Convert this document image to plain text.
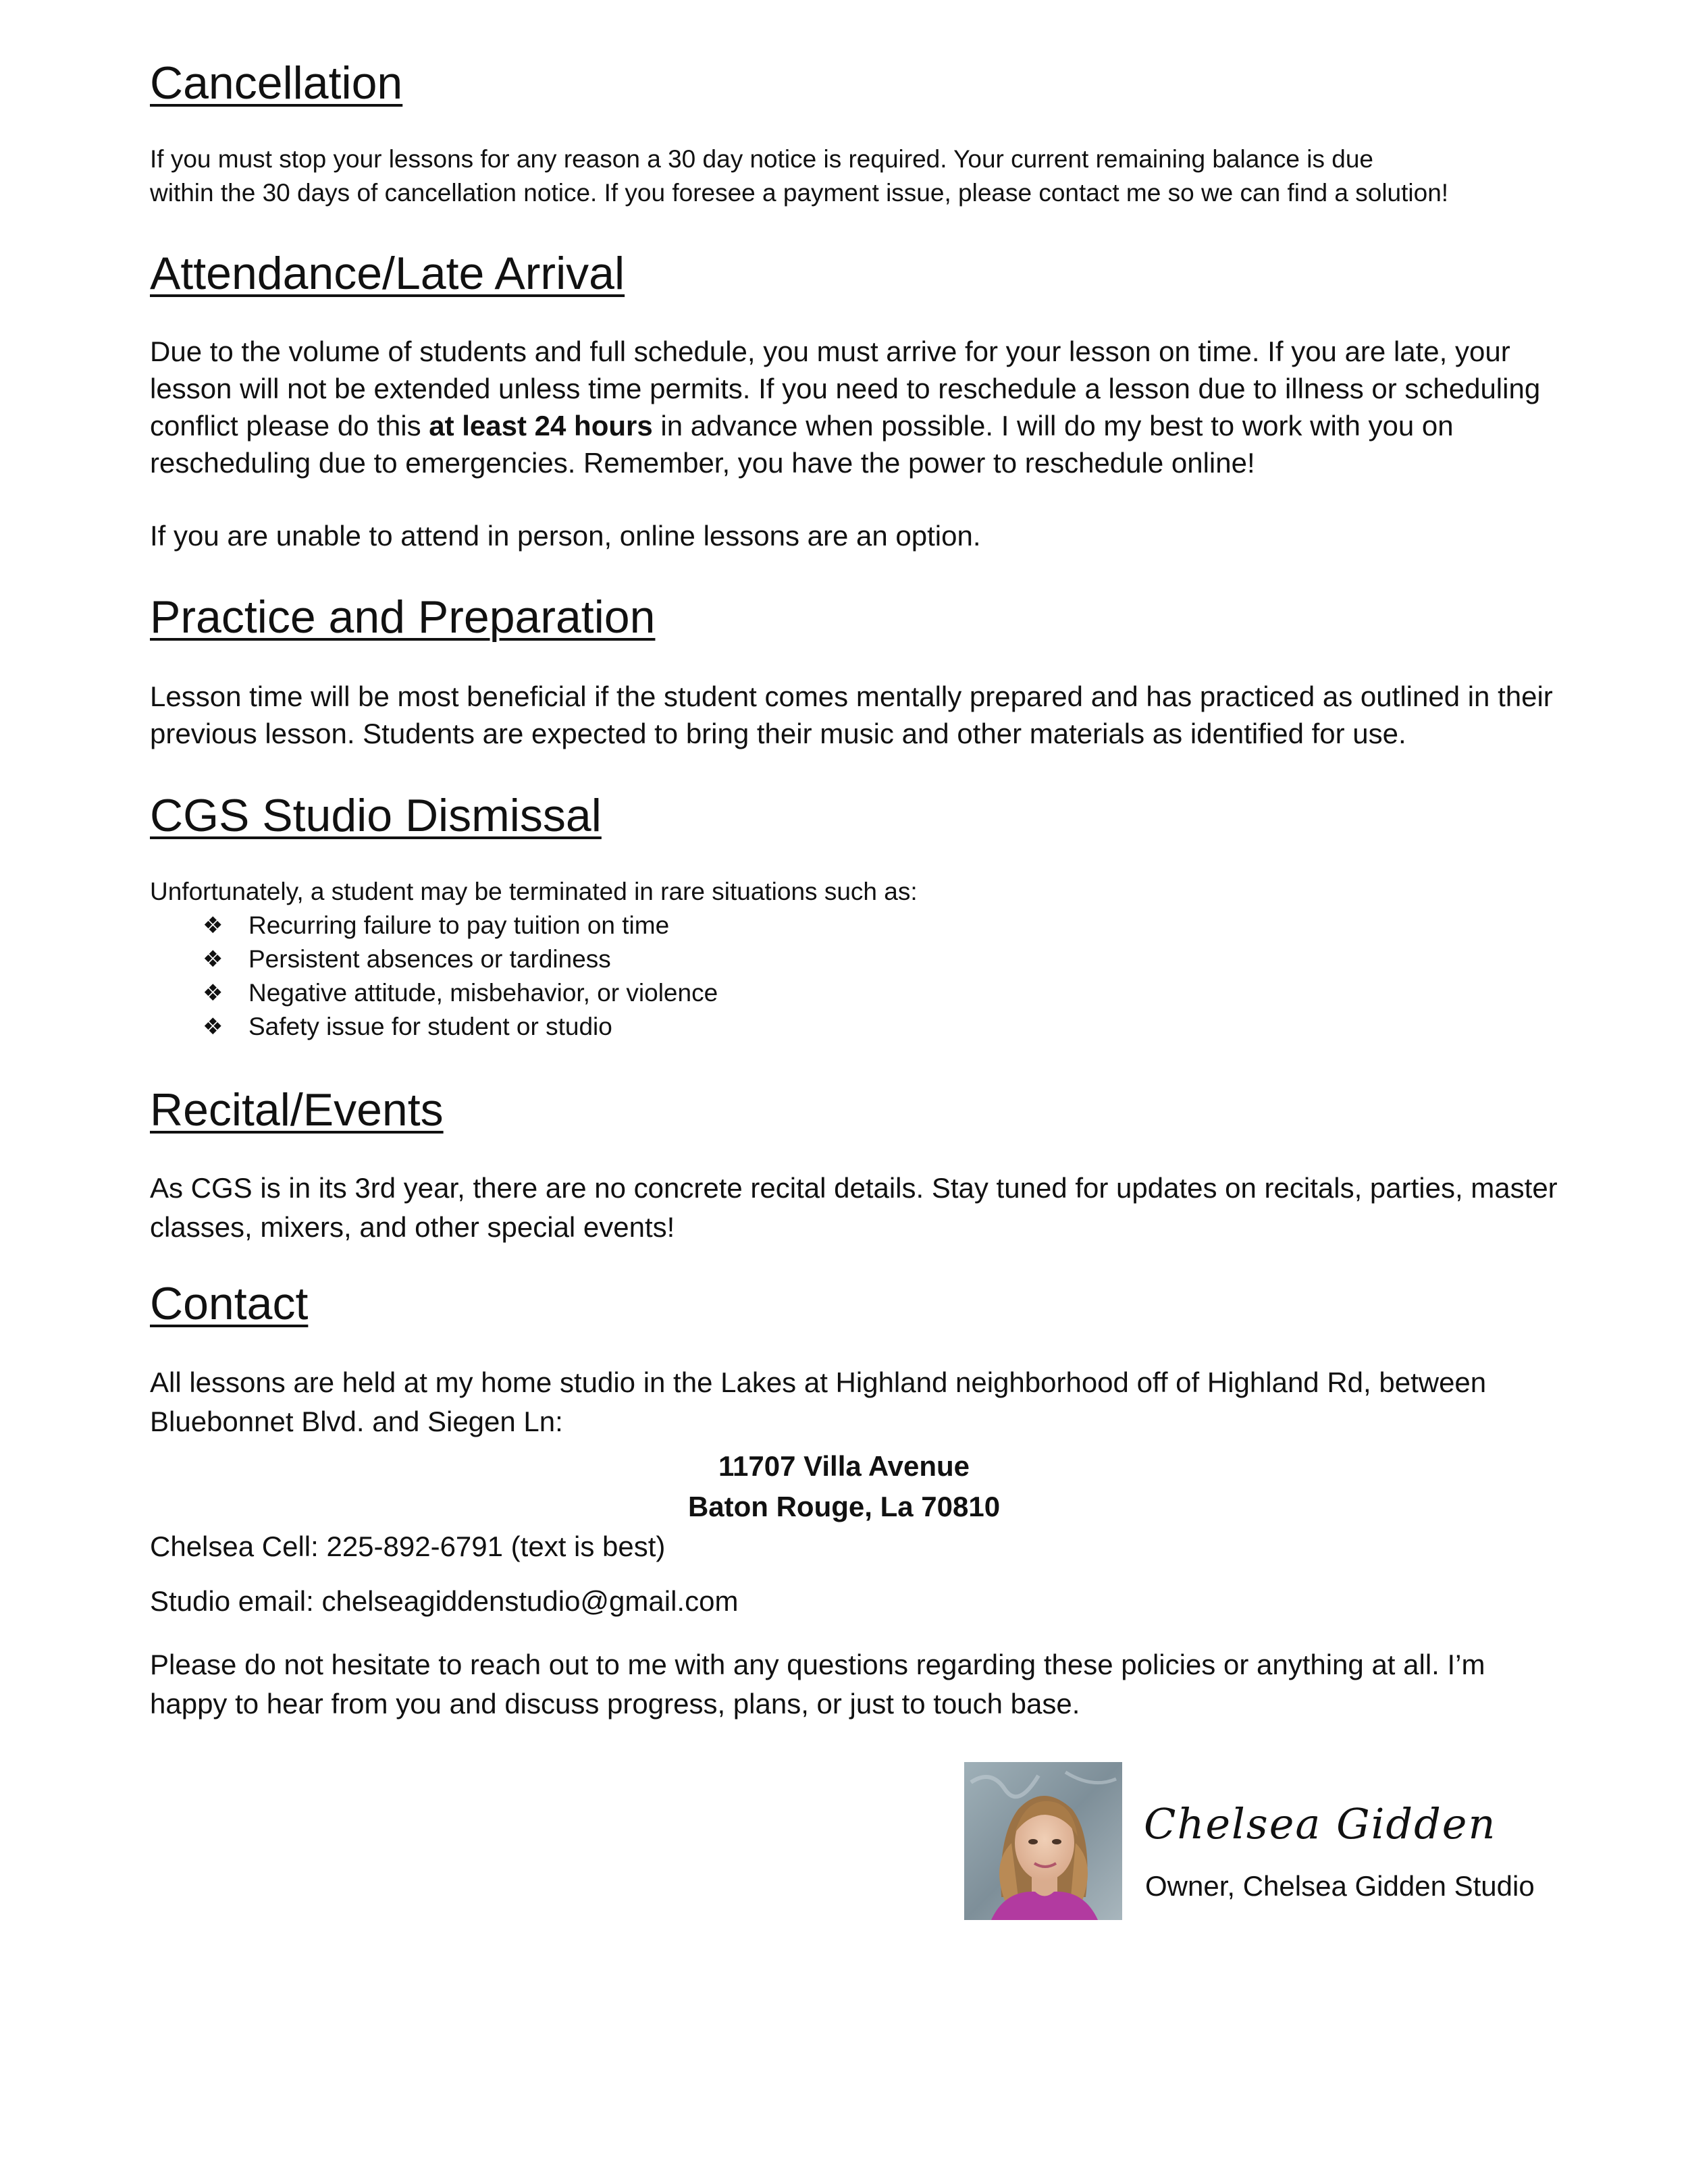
Cancellation

If you must stop your lessons for any reason a 30 day notice is required. Your current remaining balance is due

within the 30 days of cancellation notice. If you foresee a payment issue, please contact me so we can find a solution!

Attendance/Late Arrival

Due to the volume of students and full schedule, you must arrive for your lesson on time. If you are late, your

lesson will not be extended unless time permits. If you need to reschedule a lesson due to illness or scheduling

conflict please do this at least 24 hours in advance when possible. I will do my best to work with you on

rescheduling due to emergencies. Remember, you have the power to reschedule online!

If you are unable to attend in person, online lessons are an option.

Practice and Preparation

Lesson time will be most beneficial if the student comes mentally prepared and has practiced as outlined in their

previous lesson. Students are expected to bring their music and other materials as identified for use.

CGS Studio Dismissal

Unfortunately, a student may be terminated in rare situations such as:

❖ Recurring failure to pay tuition on time
❖ Persistent absences or tardiness
❖ Negative attitude, misbehavior, or violence
❖ Safety issue for student or studio
Recital/Events

As CGS is in its 3rd year, there are no concrete recital details. Stay tuned for updates on recitals, parties, master

classes, mixers, and other special events!

Contact

All lessons are held at my home studio in the Lakes at Highland neighborhood off of Highland Rd, between

Bluebonnet Blvd. and Siegen Ln:

11707 Villa Avenue

Baton Rouge, La 70810

Chelsea Cell: 225-892-6791 (text is best)

Studio email: chelseagiddenstudio@gmail.com

Please do not hesitate to reach out to me with any questions regarding these policies or anything at all. I’m

happy to hear from you and discuss progress, plans, or just to touch base.

Chelsea Gidden

Owner, Chelsea Gidden Studio
